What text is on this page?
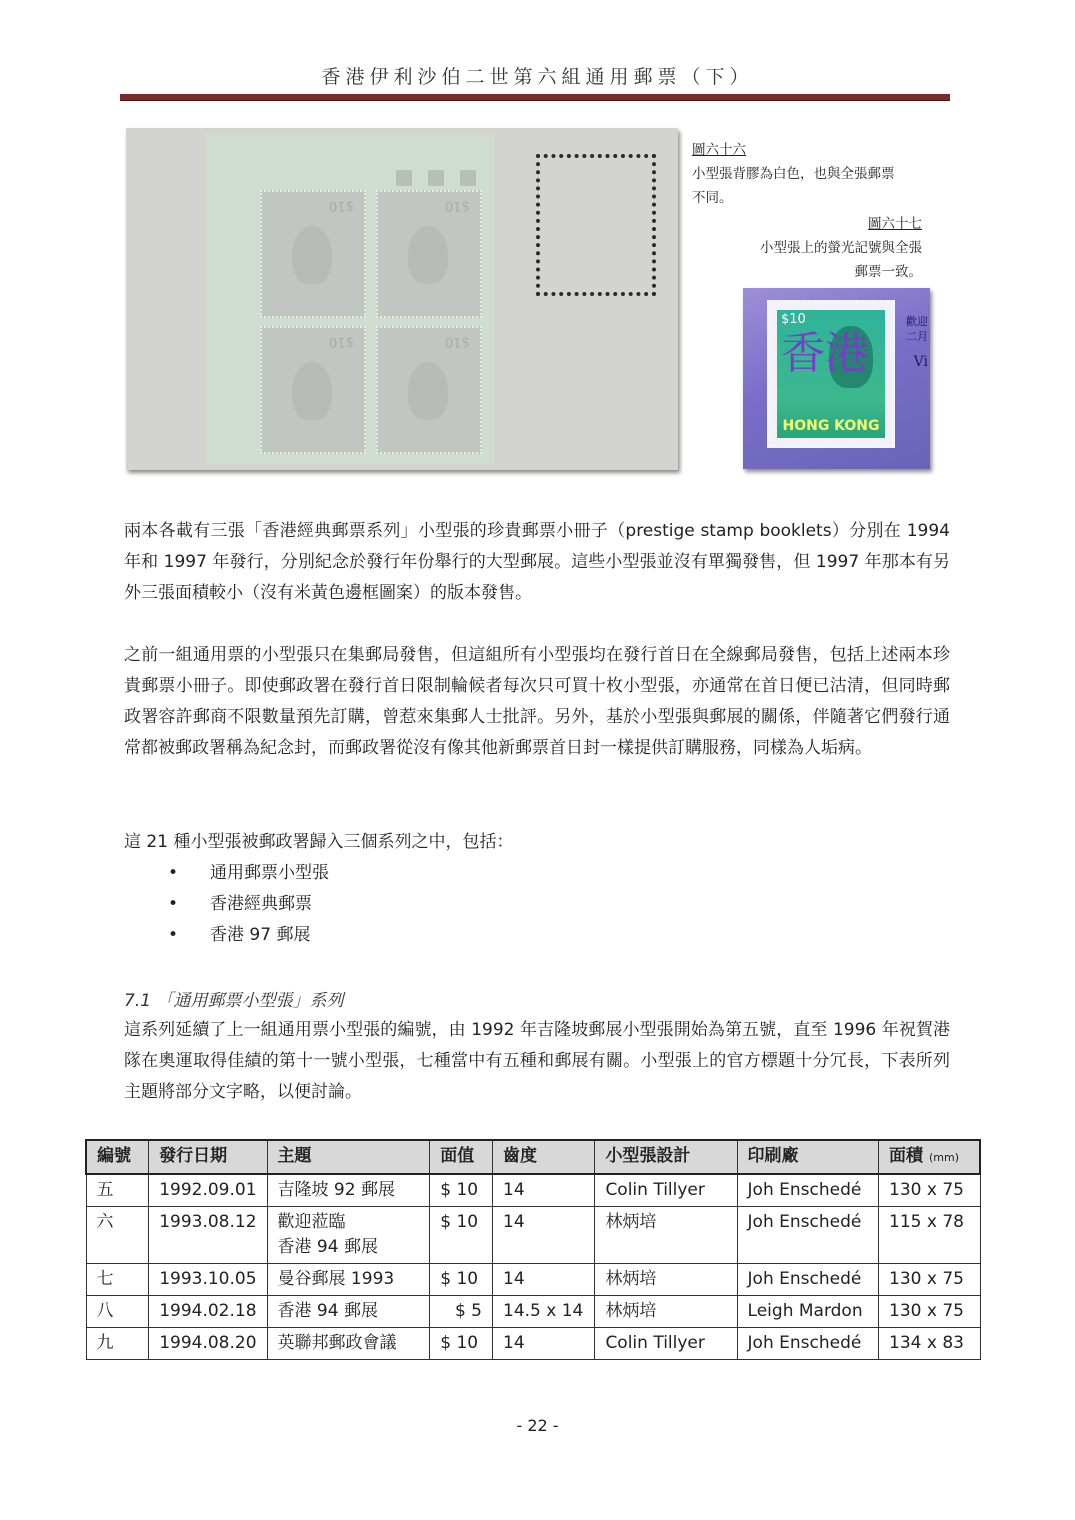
香港伊利沙伯二世第六組通用郵票（下）
$10	$10
$10	$10
圖六十六
小型張背膠為白色，也與全張郵票
不同。
圖六十七
小型張上的螢光記號與全張
郵票一致。
$10
香港
HONG KONG
歡迎
二月
Vi
兩本各載有三張「香港經典郵票系列」小型張的珍貴郵票小冊子（prestige stamp booklets）分別在 1994 年和 1997 年發行，分別紀念於發行年份舉行的大型郵展。這些小型張並沒有單獨發售，但 1997 年那本有另外三張面積較小（沒有米黃色邊框圖案）的版本發售。
之前一組通用票的小型張只在集郵局發售，但這組所有小型張均在發行首日在全線郵局發售，包括上述兩本珍貴郵票小冊子。即使郵政署在發行首日限制輪候者每次只可買十枚小型張，亦通常在首日便已沽清，但同時郵政署容許郵商不限數量預先訂購，曾惹來集郵人士批評。另外，基於小型張與郵展的關係，伴隨著它們發行通常都被郵政署稱為紀念封，而郵政署從沒有像其他新郵票首日封一樣提供訂購服務，同樣為人垢病。
這 21 種小型張被郵政署歸入三個系列之中，包括：
• 通用郵票小型張
• 香港經典郵票
• 香港 97 郵展
7.1 「通用郵票小型張」系列
這系列延續了上一組通用票小型張的編號，由 1992 年吉隆坡郵展小型張開始為第五號，直至 1996 年祝賀港隊在奧運取得佳績的第十一號小型張，七種當中有五種和郵展有關。小型張上的官方標題十分冗長，下表所列主題將部分文字略，以便討論。
編號	發行日期	主題	面值	齒度	小型張設計	印刷廠	面積 (mm)
五	1992.09.01	吉隆坡 92 郵展	$ 10	14	Colin Tillyer	Joh Enschedé	130 x 75
六	1993.08.12	歡迎蒞臨
香港 94 郵展	$ 10	14	林炳培	Joh Enschedé	115 x 78
七	1993.10.05	曼谷郵展 1993	$ 10	14	林炳培	Joh Enschedé	130 x 75
八	1994.02.18	香港 94 郵展	$ 5	14.5 x 14	林炳培	Leigh Mardon	130 x 75
九	1994.08.20	英聯邦郵政會議	$ 10	14	Colin Tillyer	Joh Enschedé	134 x 83
- 22 -
